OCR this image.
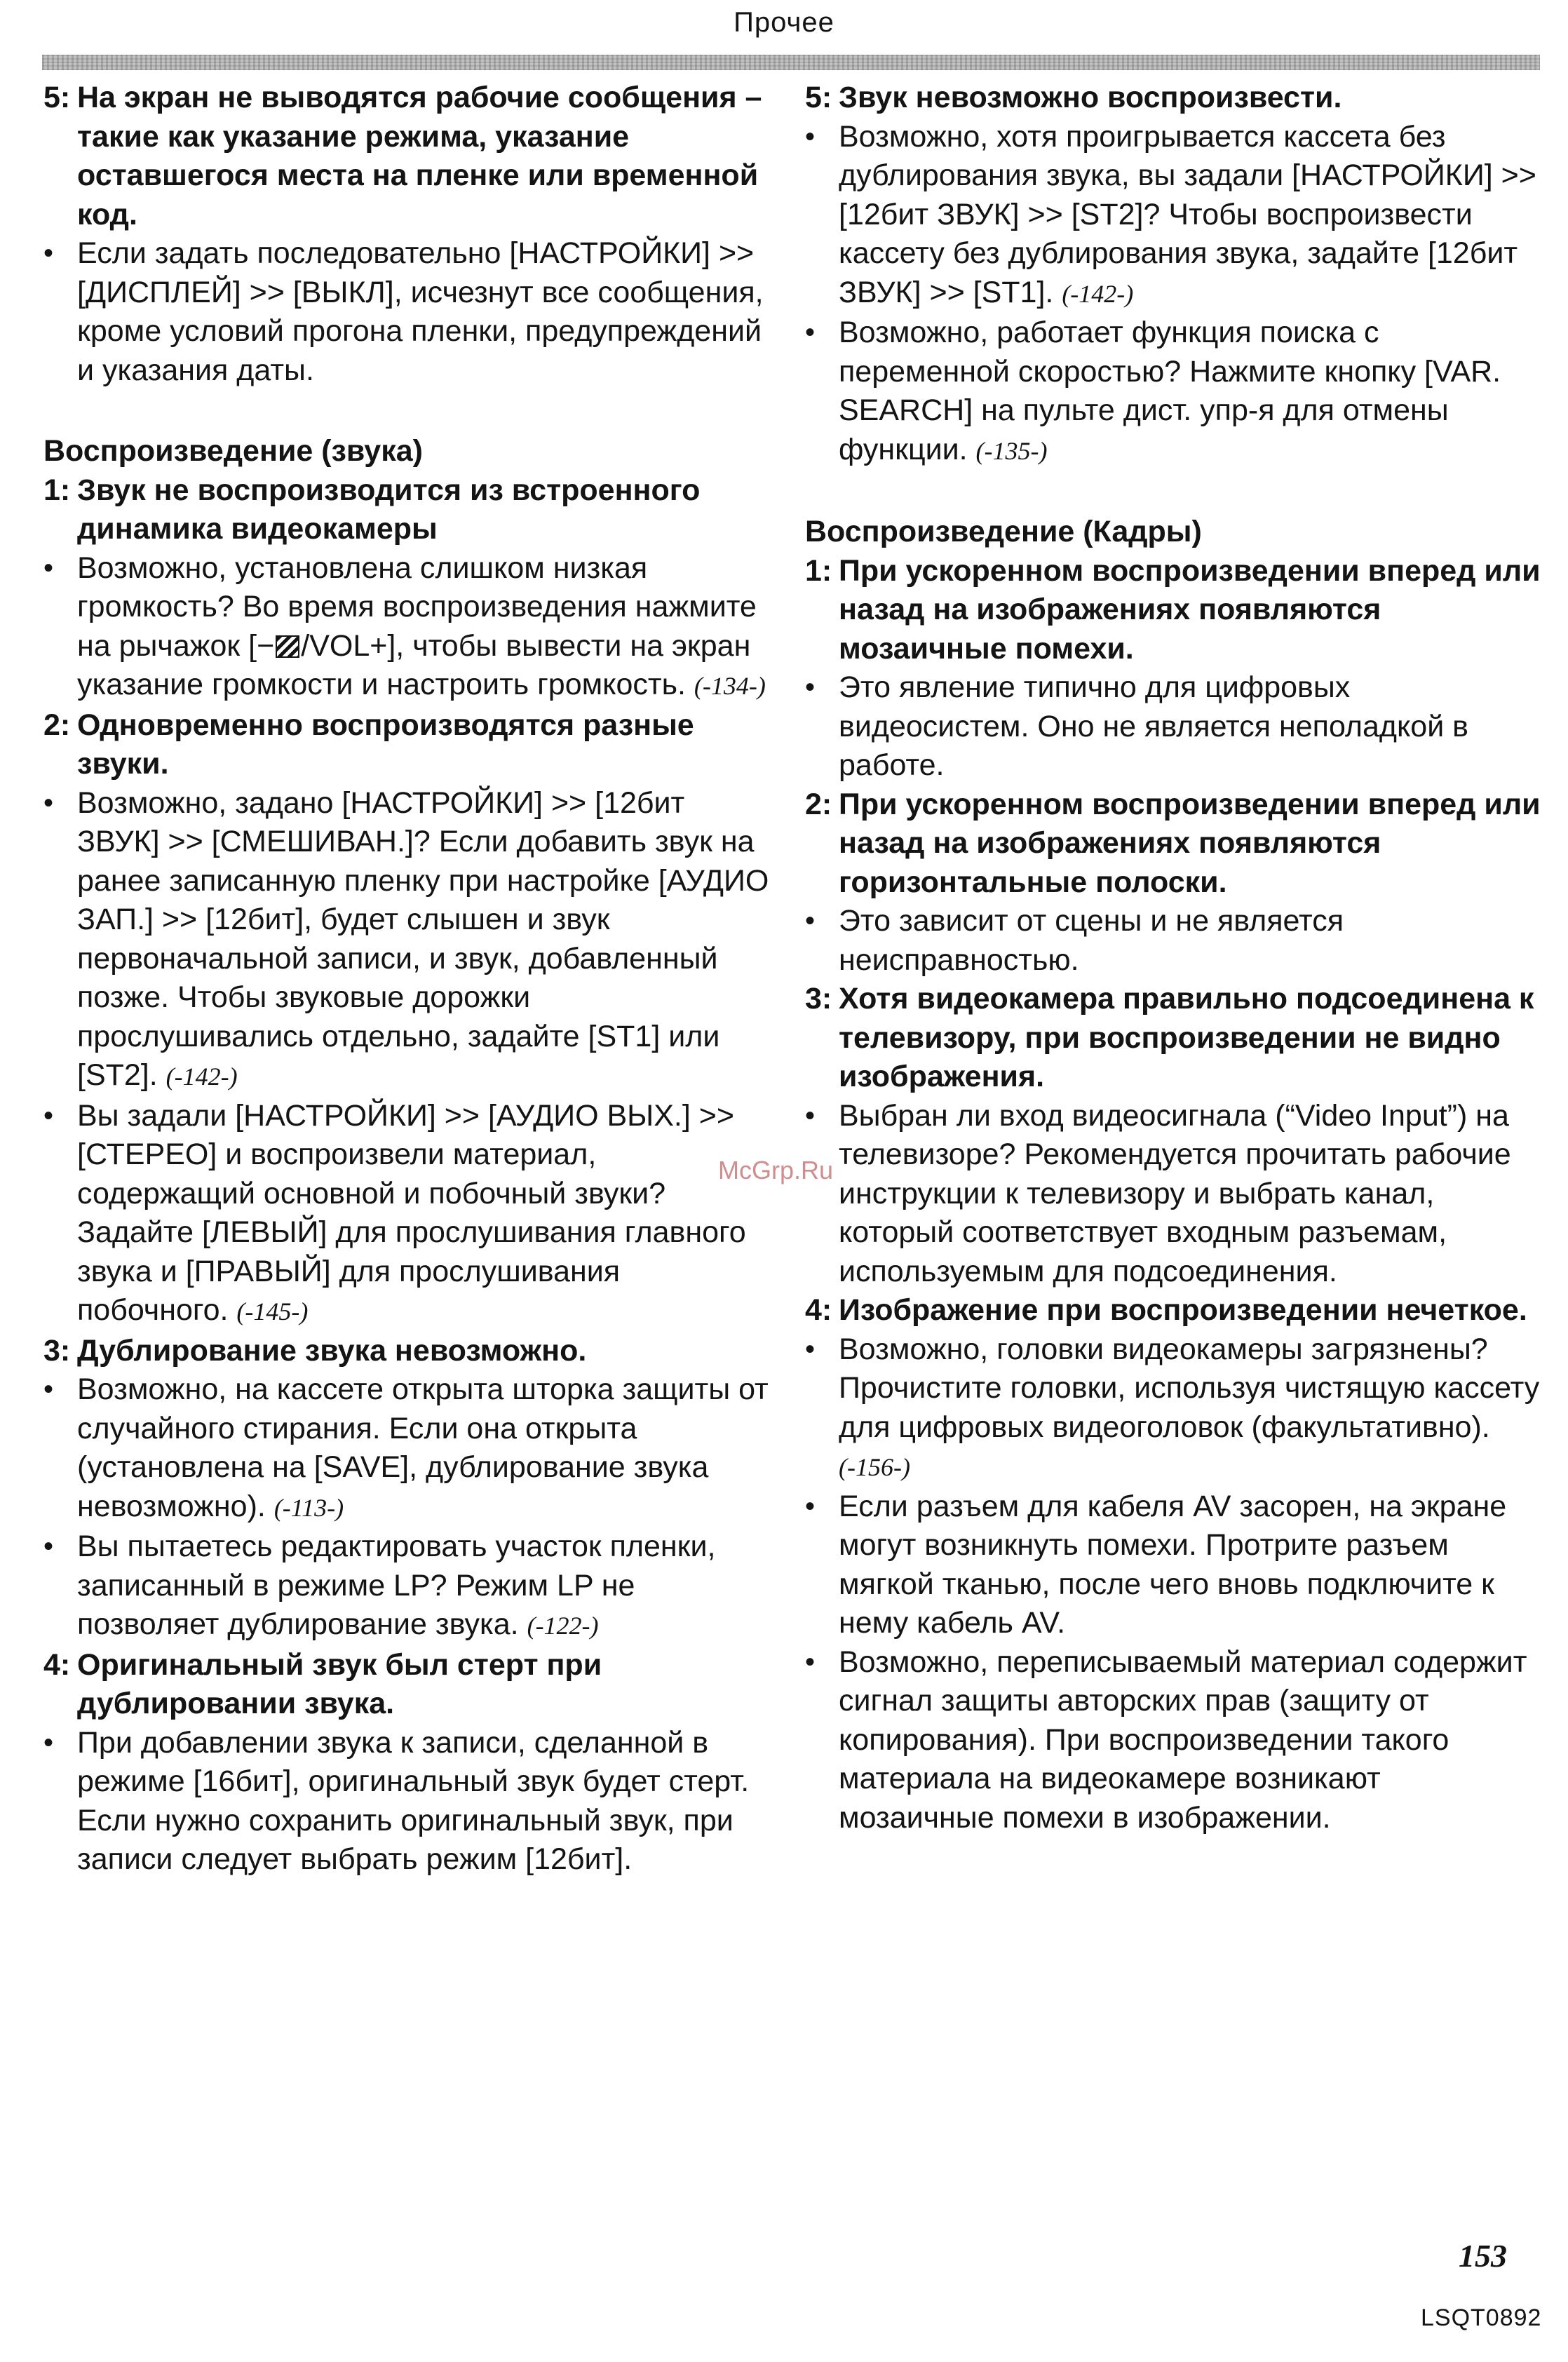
Прочее
5: На экран не выводятся рабочие сообщения – такие как указание режима, указание оставшегося места на пленке или временной код.
• Если задать последовательно [НАСТРОЙКИ] >> [ДИСПЛЕЙ] >> [ВЫКЛ], исчезнут все сообщения, кроме условий прогона пленки, предупреждений и указания даты.
Воспроизведение (звука)
1: Звук не воспроизводится из встроенного динамика видеокамеры
• Возможно, установлена слишком низкая громкость? Во время воспроизведения нажмите на рычажок [− /VOL+], чтобы вывести на экран указание громкости и настроить громкость. (-134-)
2: Одновременно воспроизводятся разные звуки.
• Возможно, задано [НАСТРОЙКИ] >> [12бит ЗВУК] >> [СМЕШИВАН.]? Если добавить звук на ранее записанную пленку при настройке [АУДИО ЗАП.] >> [12бит], будет слышен и звук первоначальной записи, и звук, добавленный позже. Чтобы звуковые дорожки прослушивались отдельно, задайте [ST1] или [ST2]. (-142-)
• Вы задали [НАСТРОЙКИ] >> [АУДИО ВЫХ.] >> [СТЕРЕО] и воспроизвели материал, содержащий основной и побочный звуки? Задайте [ЛЕВЫЙ] для прослушивания главного звука и [ПРАВЫЙ] для прослушивания побочного. (-145-)
3: Дублирование звука невозможно.
• Возможно, на кассете открыта шторка защиты от случайного стирания. Если она открыта (установлена на [SAVE], дублирование звука невозможно). (-113-)
• Вы пытаетесь редактировать участок пленки, записанный в режиме LP? Режим LP не позволяет дублирование звука. (-122-)
4: Оригинальный звук был стерт при дублировании звука.
• При добавлении звука к записи, сделанной в режиме [16бит], оригинальный звук будет стерт. Если нужно сохранить оригинальный звук, при записи следует выбрать режим [12бит].
5: Звук невозможно воспроизвести.
• Возможно, хотя проигрывается кассета без дублирования звука, вы задали [НАСТРОЙКИ] >> [12бит ЗВУК] >> [ST2]? Чтобы воспроизвести кассету без дублирования звука, задайте [12бит ЗВУК] >> [ST1]. (-142-)
• Возможно, работает функция поиска с переменной скоростью? Нажмите кнопку [VAR. SEARCH] на пульте дист. упр-я для отмены функции. (-135-)
Воспроизведение (Кадры)
1: При ускоренном воспроизведении вперед или назад на изображениях появляются мозаичные помехи.
• Это явление типично для цифровых видеосистем. Оно не является неполадкой в работе.
2: При ускоренном воспроизведении вперед или назад на изображениях появляются горизонтальные полоски.
• Это зависит от сцены и не является неисправностью.
3: Хотя видеокамера правильно подсоединена к телевизору, при воспроизведении не видно изображения.
• Выбран ли вход видеосигнала (“Video Input”) на телевизоре? Рекомендуется прочитать рабочие инструкции к телевизору и выбрать канал, который соответствует входным разъемам, используемым для подсоединения.
4: Изображение при воспроизведении нечеткое.
• Возможно, головки видеокамеры загрязнены? Прочистите головки, используя чистящую кассету для цифровых видеоголовок (факультативно). (-156-)
• Если разъем для кабеля AV засорен, на экране могут возникнуть помехи. Протрите разъем мягкой тканью, после чего вновь подключите к нему кабель AV.
• Возможно, переписываемый материал содержит сигнал защиты авторских прав (защиту от копирования). При воспроизведении такого материала на видеокамере возникают мозаичные помехи в изображении.
McGrp.Ru
153
LSQT0892
